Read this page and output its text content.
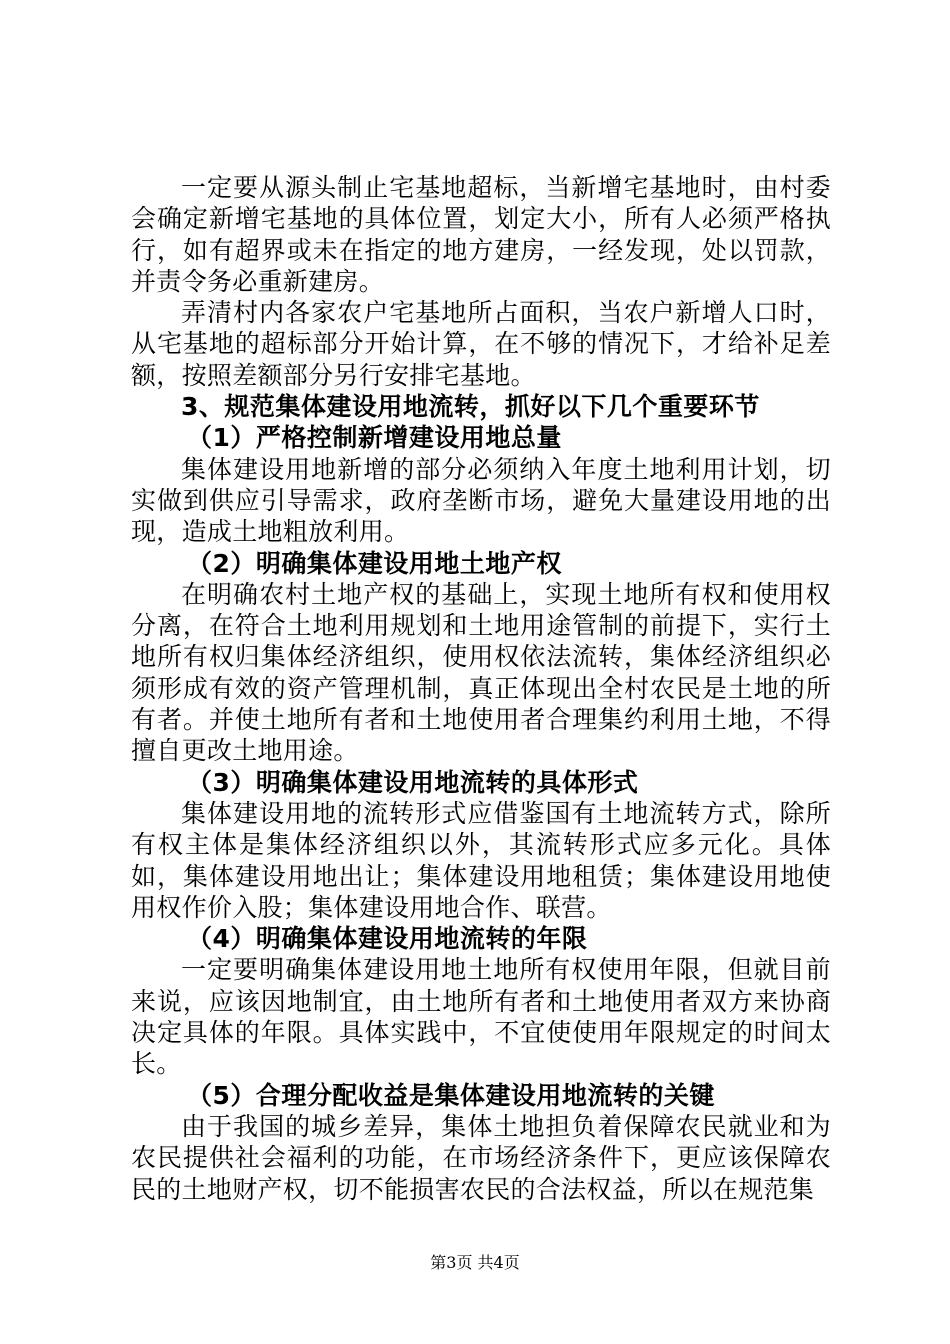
一定要从源头制止宅基地超标，当新增宅基地时，由村委会确定新增宅基地的具体位置，划定大小，所有人必须严格执行，如有超界或未在指定的地方建房，一经发现，处以罚款，并责令务必重新建房。

弄清村内各家农户宅基地所占面积，当农户新增人口时，从宅基地的超标部分开始计算，在不够的情况下，才给补足差额，按照差额部分另行安排宅基地。

3、规范集体建设用地流转，抓好以下几个重要环节

（1）严格控制新增建设用地总量

集体建设用地新增的部分必须纳入年度土地利用计划，切实做到供应引导需求，政府垄断市场，避免大量建设用地的出现，造成土地粗放利用。

（2）明确集体建设用地土地产权

在明确农村土地产权的基础上，实现土地所有权和使用权分离，在符合土地利用规划和土地用途管制的前提下，实行土地所有权归集体经济组织，使用权依法流转，集体经济组织必须形成有效的资产管理机制，真正体现出全村农民是土地的所有者。并使土地所有者和土地使用者合理集约利用土地，不得擅自更改土地用途。

（3）明确集体建设用地流转的具体形式

集体建设用地的流转形式应借鉴国有土地流转方式，除所有权主体是集体经济组织以外，其流转形式应多元化。具体如，集体建设用地出让；集体建设用地租赁；集体建设用地使用权作价入股；集体建设用地合作、联营。

（4）明确集体建设用地流转的年限

一定要明确集体建设用地土地所有权使用年限，但就目前来说，应该因地制宜，由土地所有者和土地使用者双方来协商决定具体的年限。具体实践中，不宜使使用年限规定的时间太长。

（5）合理分配收益是集体建设用地流转的关键

由于我国的城乡差异，集体土地担负着保障农民就业和为农民提供社会福利的功能，在市场经济条件下，更应该保障农民的土地财产权，切不能损害农民的合法权益，所以在规范集

第3页 共4页
